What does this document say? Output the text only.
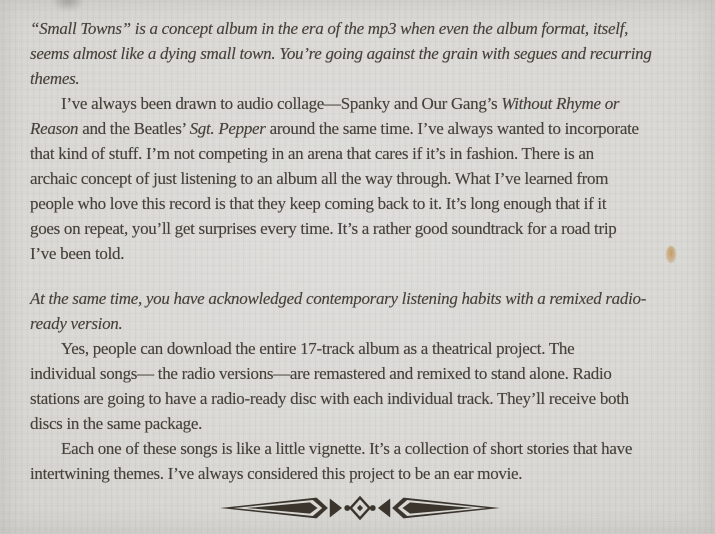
“Small Towns” is a concept album in the era of the mp3 when even the album format, itself,
seems almost like a dying small town. You’re going against the grain with segues and recurring
themes.
I’ve always been drawn to audio collage—Spanky and Our Gang’s Without Rhyme or
Reason and the Beatles’ Sgt. Pepper around the same time. I’ve always wanted to incorporate
that kind of stuff. I’m not competing in an arena that cares if it’s in fashion. There is an
archaic concept of just listening to an album all the way through. What I’ve learned from
people who love this record is that they keep coming back to it. It’s long enough that if it
goes on repeat, you’ll get surprises every time. It’s a rather good soundtrack for a road trip
I’ve been told.
At the same time, you have acknowledged contemporary listening habits with a remixed radio-
ready version.
Yes, people can download the entire 17-track album as a theatrical project. The
individual songs— the radio versions—are remastered and remixed to stand alone. Radio
stations are going to have a radio-ready disc with each individual track. They’ll receive both
discs in the same package.
Each one of these songs is like a little vignette. It’s a collection of short stories that have
intertwining themes. I’ve always considered this project to be an ear movie.
